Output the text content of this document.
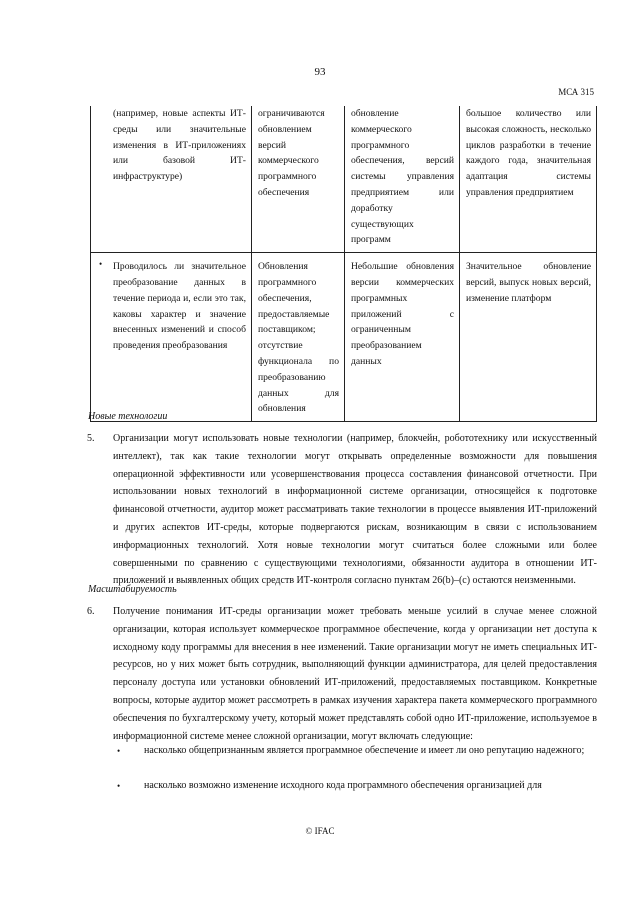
93
МСА 315
(например, новые аспекты ИТ-среды или значительные изменения в ИТ-приложениях или базовой ИТ-инфраструктуре)	ограничиваются обновлением версий коммерческого программного обеспечения	обновление коммерческого программного обеспечения, версий системы управления предприятием или доработку существующих программ	большое количество или высокая сложность, несколько циклов разработки в течение каждого года, значительная адаптация системы управления предприятием

• Проводилось ли значительное преобразование данных в течение периода и, если это так, каковы характер и значение внесенных изменений и способ проведения преобразования	Обновления программного обеспечения, предоставляемые поставщиком; отсутствие функционала по преобразованию данных для обновления	Небольшие обновления версии коммерческих программных приложений с ограниченным преобразованием данных	Значительное обновление версий, выпуск новых версий, изменение платформ
Новые технологии
5. Организации могут использовать новые технологии (например, блокчейн, робототехнику или искусственный интеллект), так как такие технологии могут открывать определенные возможности для повышения операционной эффективности или усовершенствования процесса составления финансовой отчетности. При использовании новых технологий в информационной системе организации, относящейся к подготовке финансовой отчетности, аудитор может рассматривать такие технологии в процессе выявления ИТ-приложений и других аспектов ИТ-среды, которые подвергаются рискам, возникающим в связи с использованием информационных технологий. Хотя новые технологии могут считаться более сложными или более совершенными по сравнению с существующими технологиями, обязанности аудитора в отношении ИТ-приложений и выявленных общих средств ИТ-контроля согласно пунктам 26(b)–(c) остаются неизменными.

Масштабируемость
6. Получение понимания ИТ-среды организации может требовать меньше усилий в случае менее сложной организации, которая использует коммерческое программное обеспечение, когда у организации нет доступа к исходному коду программы для внесения в нее изменений. Такие организации могут не иметь специальных ИТ-ресурсов, но у них может быть сотрудник, выполняющий функции администратора, для целей предоставления персоналу доступа или установки обновлений ИТ-приложений, предоставляемых поставщиком. Конкретные вопросы, которые аудитор может рассмотреть в рамках изучения характера пакета коммерческого программного обеспечения по бухгалтерскому учету, который может представлять собой одно ИТ-приложение, используемое в информационной системе менее сложной организации, могут включать следующие:

• насколько общепризнанным является программное обеспечение и имеет ли оно репутацию надежного;

• насколько возможно изменение исходного кода программного обеспечения организацией для

© IFAC
